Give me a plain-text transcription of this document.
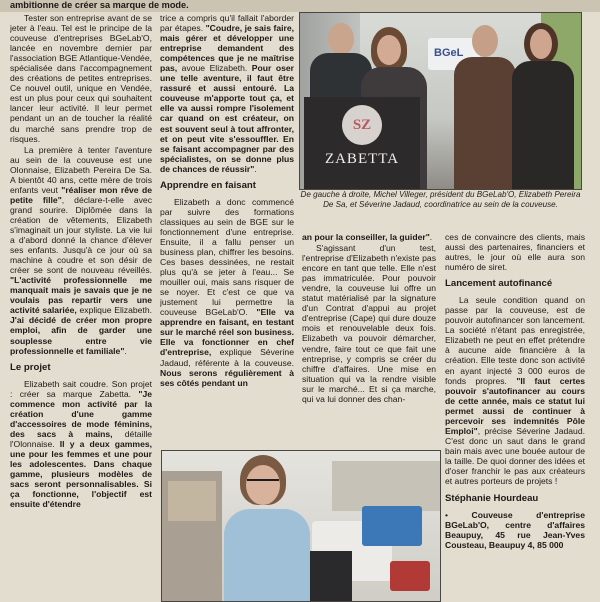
ambitionne de créer sa marque de mode.

Tester son entreprise avant de se jeter à l'eau. Tel est le principe de la couveuse d'entreprises BGeLab'O, lancée en novembre dernier par l'association BGE Atlantique-Vendée, spécialisée dans l'accompagnement des créations de petites entreprises. Ce nouvel outil, unique en Vendée, est un plus pour ceux qui souhaitent lancer leur activité. Il leur permet pendant un an de toucher la réalité du marché sans prendre trop de risques.

La première à tenter l'aventure au sein de la couveuse est une Olonnaise, Elizabeth Pereira De Sa. A bientôt 40 ans, cette mère de trois enfants veut "réaliser mon rêve de petite fille", déclare-t-elle avec grand sourire. Diplômée dans la création de vêtements, Elizabeth s'imaginait un jour styliste. La vie lui a d'abord donné la chance d'élever ses enfants. Jusqu'à ce jour où sa machine à coudre et son désir de créer se sont de nouveau réveillés. "L'activité professionnelle me manquait mais je savais que je ne voulais pas repartir vers une activité salariée, explique Elizabeth. J'ai décidé de créer mon propre emploi, afin de garder une souplesse entre vie professionnelle et familiale".

Le projet

Elizabeth sait coudre. Son projet : créer sa marque Zabetta. "Je commence mon activité par la création d'une gamme d'accessoires de mode féminins, des sacs à mains, détaille l'Olonnaise. Il y a deux gammes, une pour les femmes et une pour les adolescentes. Dans chaque gamme, plusieurs modèles de sacs seront personnalisables. Si ça fonctionne, l'objectif est ensuite d'étendre

trice a compris qu'il fallait l'aborder par étapes. "Coudre, je sais faire, mais gérer et développer une entreprise demandent des compétences que je ne maîtrise pas, avoue Elizabeth. Pour oser une telle aventure, il faut être rassuré et aussi entouré. La couveuse m'apporte tout ça, et elle va aussi rompre l'isolement car quand on est créateur, on est souvent seul à tout affronter, et on peut vite s'essouffler. En se faisant accompagner par des spécialistes, on se donne plus de chances de réussir".

Apprendre en faisant

Elizabeth a donc commencé par suivre des formations classiques au sein de BGE sur le fonctionnement d'une entreprise. Ensuite, il a fallu penser un business plan, chiffrer les besoins. Ces bases dessinées, ne restait plus qu'à se jeter à l'eau... Se mouiller oui, mais sans risquer de se noyer. Et c'est ce que va justement lui permettre la couveuse BGeLab'O. "Elle va apprendre en faisant, en testant sur le marché réel son business. Elle va fonctionner en chef d'entreprise, explique Séverine Jadaud, référente à la couveuse. Nous serons régulièrement à ses côtés pendant un

an pour la conseiller, la guider".

S'agissant d'un test, l'entreprise d'Elizabeth n'existe pas encore en tant que telle. Elle n'est pas immatriculée. Pour pouvoir vendre, la couveuse lui offre un statut matérialisé par la signature d'un Contrat d'appui au projet d'entreprise (Cape) qui dure douze mois et renouvelable deux fois. Elizabeth va pouvoir démarcher, vendre, faire tout ce que fait une entreprise, y compris se créer du chiffre d'affaires. Une mise en situation qui va la rendre visible sur le marché... Et si ça marche, qui va lui donner des chan-

ces de convaincre des clients, mais aussi des partenaires, financiers et autres, le jour où elle aura son numéro de siret.

Lancement autofinancé

La seule condition quand on passe par la couveuse, est de pouvoir autofinancer son lancement. La société n'étant pas enregistrée, Elizabeth ne peut en effet prétendre à aucune aide financière à la création. Elle teste donc son activité en ayant injecté 3 000 euros de fonds propres. "Il faut certes pouvoir s'autofinancer au cours de cette année, mais ce statut lui permet aussi de continuer à percevoir ses indemnités Pôle Emploi", précise Séverine Jadaud. C'est donc un saut dans le grand bain mais avec une bouée autour de la taille. De quoi donner des idées et d'oser franchir le pas aux créateurs et autres porteurs de projets !

Stéphanie Hourdeau

•	Couveuse d'entreprise BGeLab'O, centre d'affaires Beaupuy, 45 rue Jean-Yves Cousteau, Beaupuy 4, 85 000

BGeL
SZ
ZABETTA
De gauche à droite, Michel Villeger, président du BGeLab'O, Elizabeth Pereira De Sa, et Séverine Jadaud, coordinatrice au sein de la couveuse.
